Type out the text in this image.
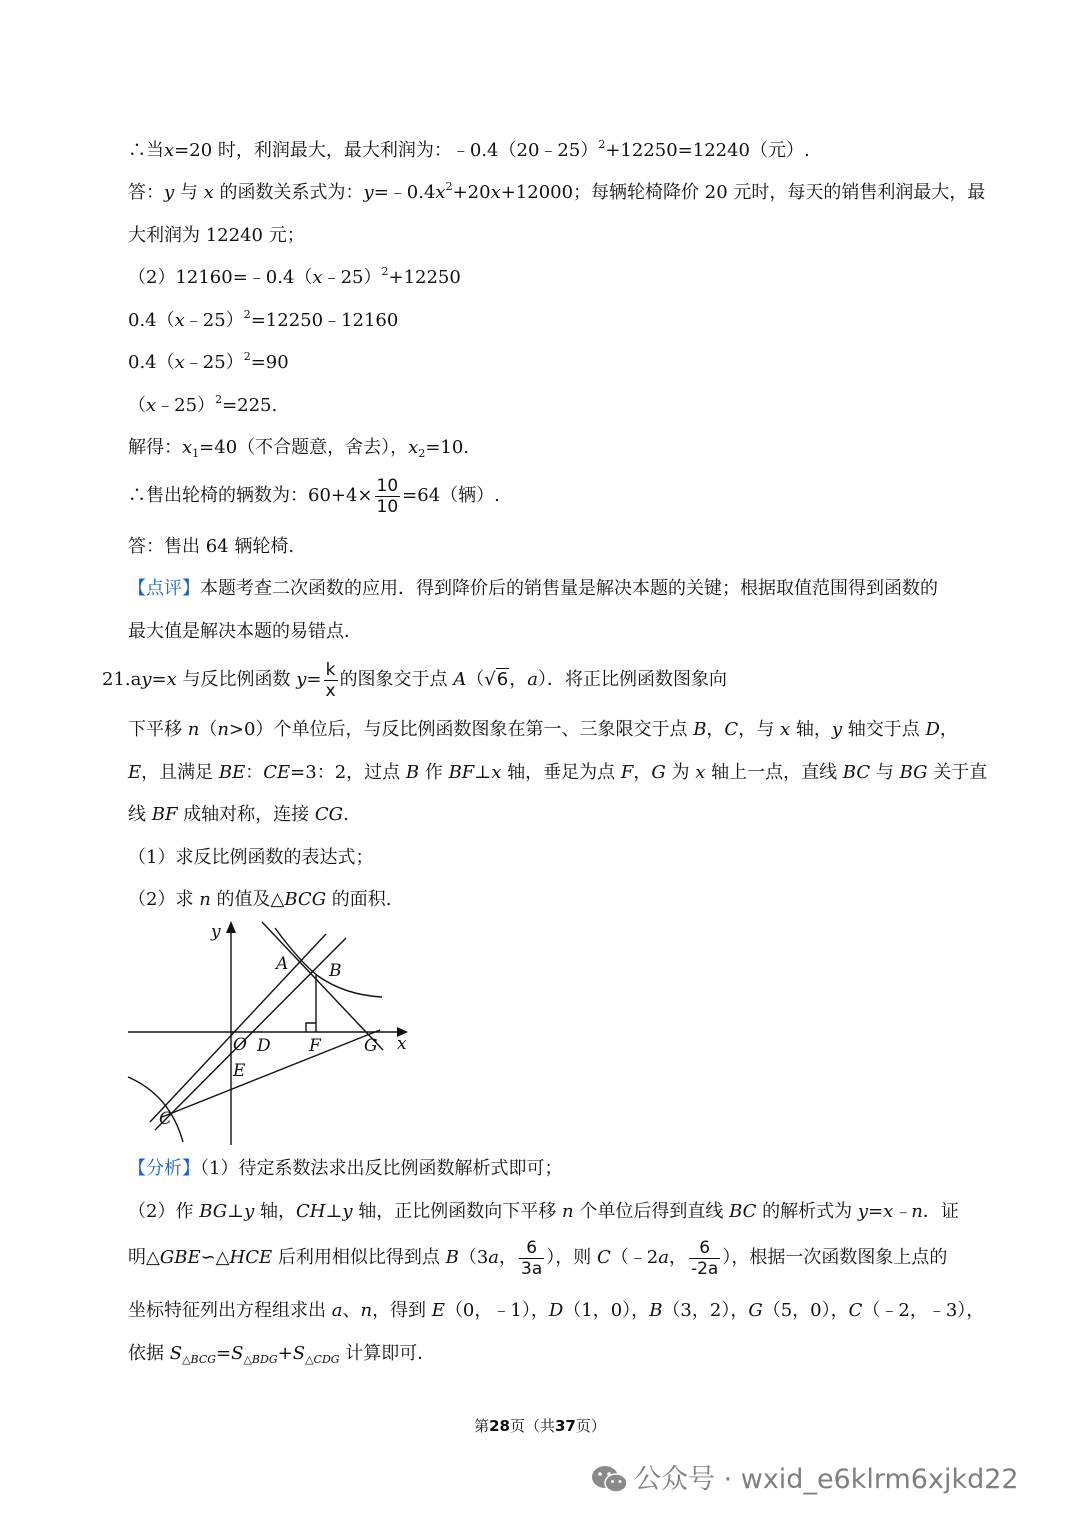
∴当x=20 时，利润最大，最大利润为：﹣0.4（20﹣25）$^2$+12250=12240（元）.

答：y 与 x 的函数关系式为：$y=﹣0.4x^2+20x+12000$；每辆轮椅降价 20 元时，每天的销售利润最大，最

大利润为 12240 元；

（2）12160=﹣0.4（x﹣25）$^2$+12250

0.4（x﹣25）$^2$=12250﹣12160

0.4（x﹣25）$^2$=90

（x﹣25）$^2$=225.

解得：$x_1=40$（不合题意，舍去），$x_2=10$.

∴售出轮椅的辆数为：$60+4\times \frac{10}{10} =64$（辆）.

答：售出 64 辆轮椅.

【点评】本题考查二次函数的应用．得到降价后的销售量是解决本题的关键；根据取值范围得到函数的

最大值是解决本题的易错点．

21.ay=x 与反比例函数 $y= \frac{k}{x}$ 的图象交于点 A（√6，a）．将正比例函数图象向

下平移 n（n>0）个单位后，与反比例函数图象在第一、三象限交于点 B，C，与 x 轴，y 轴交于点 D，

E，且满足 BE：CE=3：2，过点 B 作 BF⊥x 轴，垂足为点 F，G 为 x 轴上一点，直线 BC 与 BG 关于直

线 BF 成轴对称，连接 CG.

（1）求反比例函数的表达式；

（2）求 n 的值及△BCG 的面积.

y
A B
O D F	G x
E
C

【分析】（1）待定系数法求出反比例函数解析式即可；

（2）作 BG⊥y 轴，CH⊥y 轴，正比例函数向下平移 n 个单位后得到直线 BC 的解析式为 y=x﹣n．证

明△GBE∽△HCE 后利用相似比得到点 B（3a， $\frac{6}{3a}$ ），则 C（﹣2a， $\frac{6}{-2a}$ ），根据一次函数图象上点的

坐标特征列出方程组求出 a、n，得到 E（0，﹣1），D（1，0），B（3，2），G（5，0），C（﹣2，﹣3），

依据 $S_{\triangle BCG}=S_{\triangle BDG}+S_{\triangle CDG}$ 计算即可．

第28页（共37页）
公众号 · wxid_e6klrm6xjkd22
